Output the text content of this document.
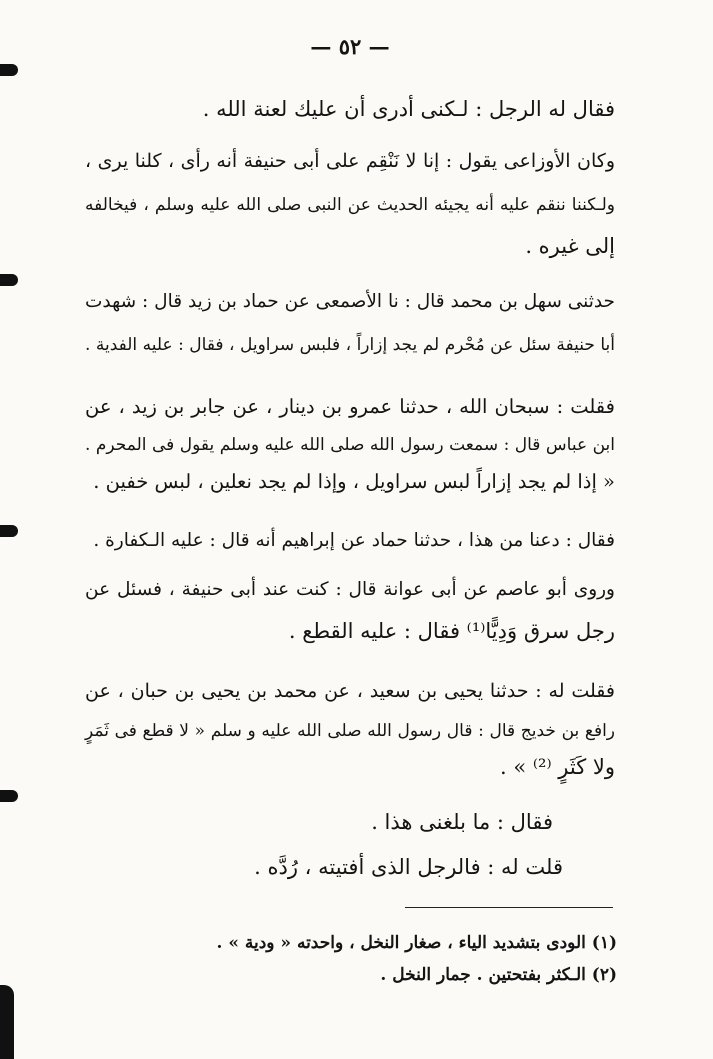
— ٥٢ —
فقال له الرجل : لـكنى أدرى أن عليك لعنة الله .
وكان الأوزاعى يقول : إنا لا نَنْقِم على أبى حنيفة أنه رأى ، كلنا يرى ،
ولـكننا ننقم عليه أنه يجيئه الحديث عن النبى صلى الله عليه وسلم ، فيخالفه
إلى غيره .
حدثنى سهل بن محمد قال : نا الأصمعى عن حماد بن زيد قال : شهدت
أبا حنيفة سئل عن مُحْرم لم يجد إزاراً ، فلبس سراويل ، فقال : عليه الفدية .
فقلت : سبحان الله ، حدثنا عمرو بن دينار ، عن جابر بن زيد ، عن
ابن عباس قال : سمعت رسول الله صلى الله عليه وسلم يقول فى المحرم .
« إذا لم يجد إزاراً لبس سراويل ، وإذا لم يجد نعلين ، لبس خفين .
فقال : دعنا من هذا ، حدثنا حماد عن إبراهيم أنه قال : عليه الـكفارة .
وروى أبو عاصم عن أبى عوانة قال : كنت عند أبى حنيفة ، فسئل عن
رجل سرق وَدِيًّا⁽¹⁾ فقال : عليه القطع .
فقلت له : حدثنا يحيى بن سعيد ، عن محمد بن يحيى بن حبان ، عن
رافع بن خديج قال : قال رسول الله صلى الله عليه و سلم « لا قطع فى ثَمَرٍ
ولا كَثَرٍ ⁽²⁾ » .
فقال : ما بلغنى هذا .
قلت له : فالرجل الذى أفتيته ، رُدَّه .
(١) الودى بتشديد الياء ، صغار النخل ، واحدته « ودية » .
(٢) الـكثر بفتحتين . جمار النخل .
